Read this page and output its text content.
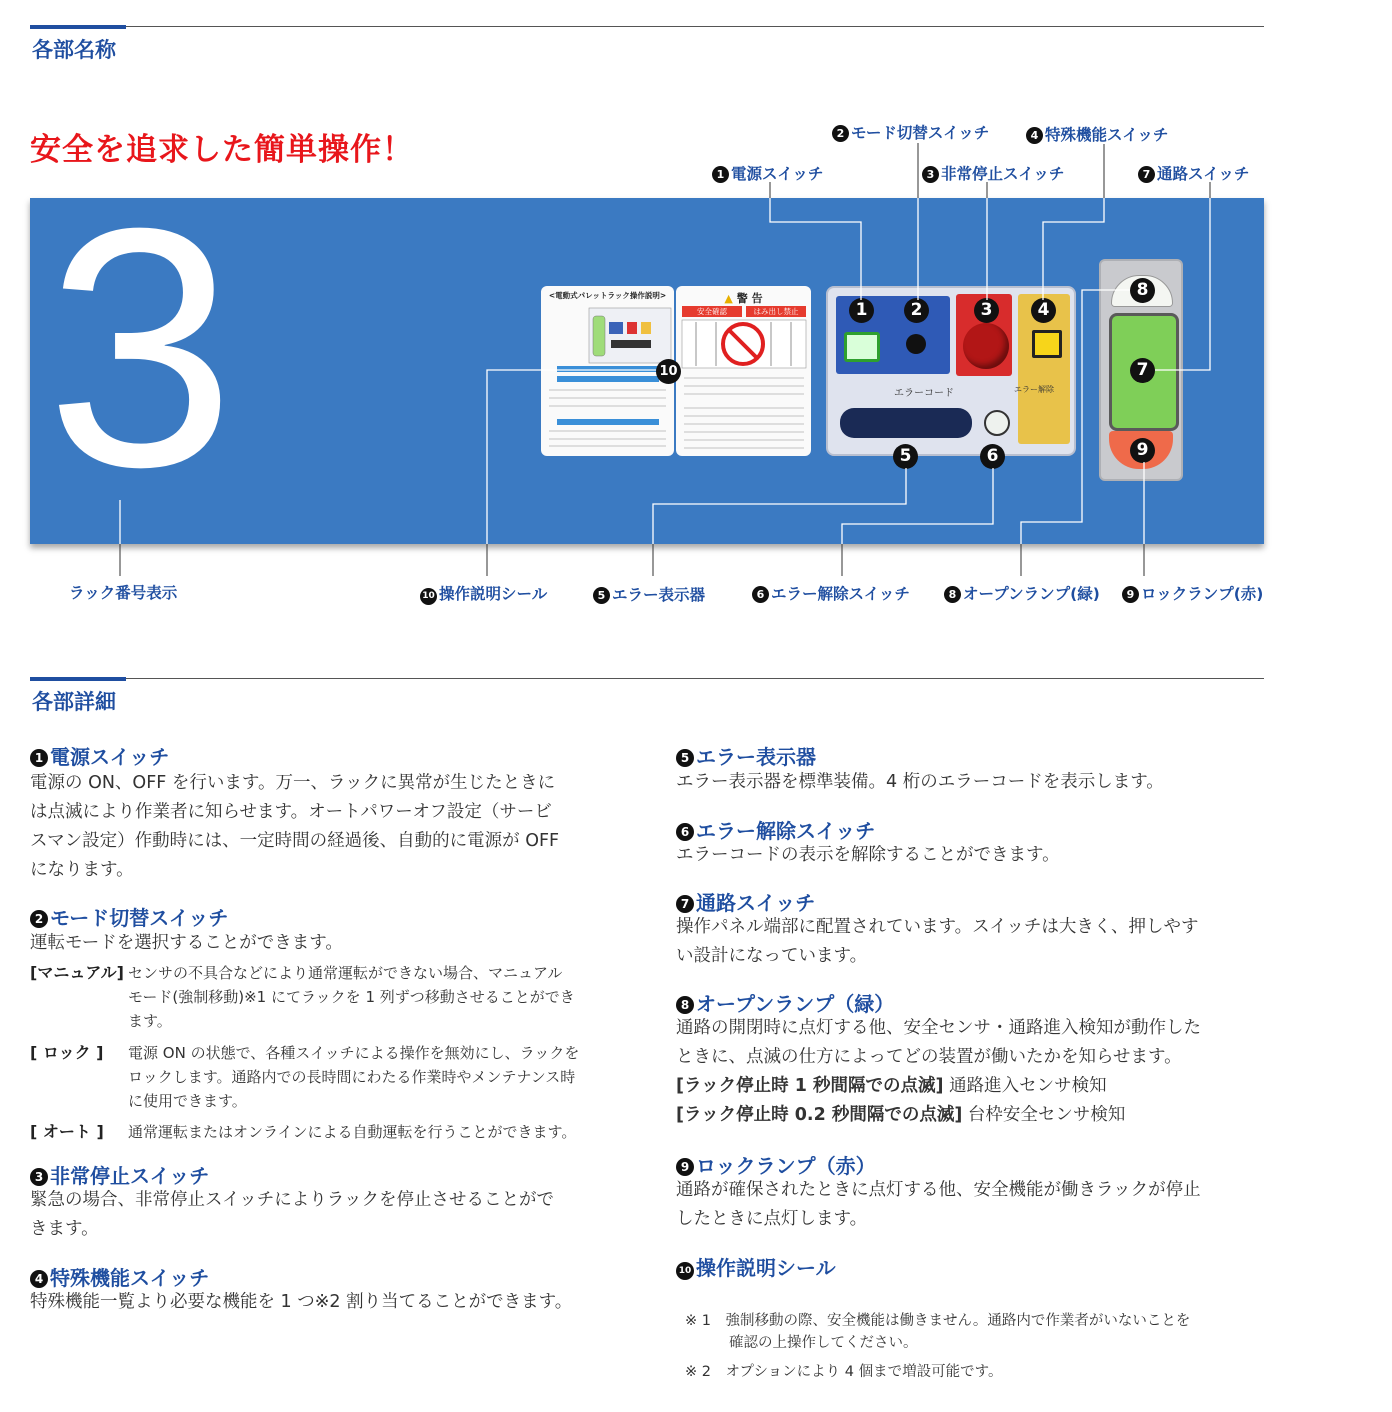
各部名称
安全を追求した簡単操作！	2 モード切替スイッチ	4 特殊機能スイッチ
1 電源スイッチ	3 非常停止スイッチ	7 通路スイッチ
3	<電動式パレットラック操作説明>	▲ 警 告
安全確認	はみ出し禁止
エラーコード	エラー解除
1	2	3	4
5	6
8
7
9
10
ラック番号表示	10 操作説明シール	5 エラー表示器	6 エラー解除スイッチ	8 オープンランプ(緑)	9 ロックランプ(赤)
各部詳細
1 電源スイッチ
電源の ON、OFF を行います。万一、ラックに異常が生じたときに
は点滅により作業者に知らせます。オートパワーオフ設定（サービ
スマン設定）作動時には、一定時間の経過後、自動的に電源が OFF
になります。
2 モード切替スイッチ
運転モードを選択することができます。
[マニュアル] センサの不具合などにより通常運転ができない場合、マニュアル
モード(強制移動)※1 にてラックを 1 列ずつ移動させることができ
ます。
[ ロック ] 電源 ON の状態で、各種スイッチによる操作を無効にし、ラックを
ロックします。通路内での長時間にわたる作業時やメンテナンス時
に使用できます。
[ オート ] 通常運転またはオンラインによる自動運転を行うことができます。
3 非常停止スイッチ
緊急の場合、非常停止スイッチによりラックを停止させることがで
きます。
4 特殊機能スイッチ
特殊機能一覧より必要な機能を 1 つ※2 割り当てることができます。
5 エラー表示器
エラー表示器を標準装備。4 桁のエラーコードを表示します。
6 エラー解除スイッチ
エラーコードの表示を解除することができます。
7 通路スイッチ
操作パネル端部に配置されています。スイッチは大きく、押しやす
い設計になっています。
8 オープンランプ（緑）
通路の開閉時に点灯する他、安全センサ・通路進入検知が動作した
ときに、点滅の仕方によってどの装置が働いたかを知らせます。
[ラック停止時 1 秒間隔での点滅] 通路進入センサ検知
[ラック停止時 0.2 秒間隔での点滅] 台枠安全センサ検知
9 ロックランプ（赤）
通路が確保されたときに点灯する他、安全機能が働きラックが停止
したときに点灯します。
10 操作説明シール
※ 1　強制移動の際、安全機能は働きません。通路内で作業者がいないことを
確認の上操作してください。
※ 2　オプションにより 4 個まで増設可能です。
